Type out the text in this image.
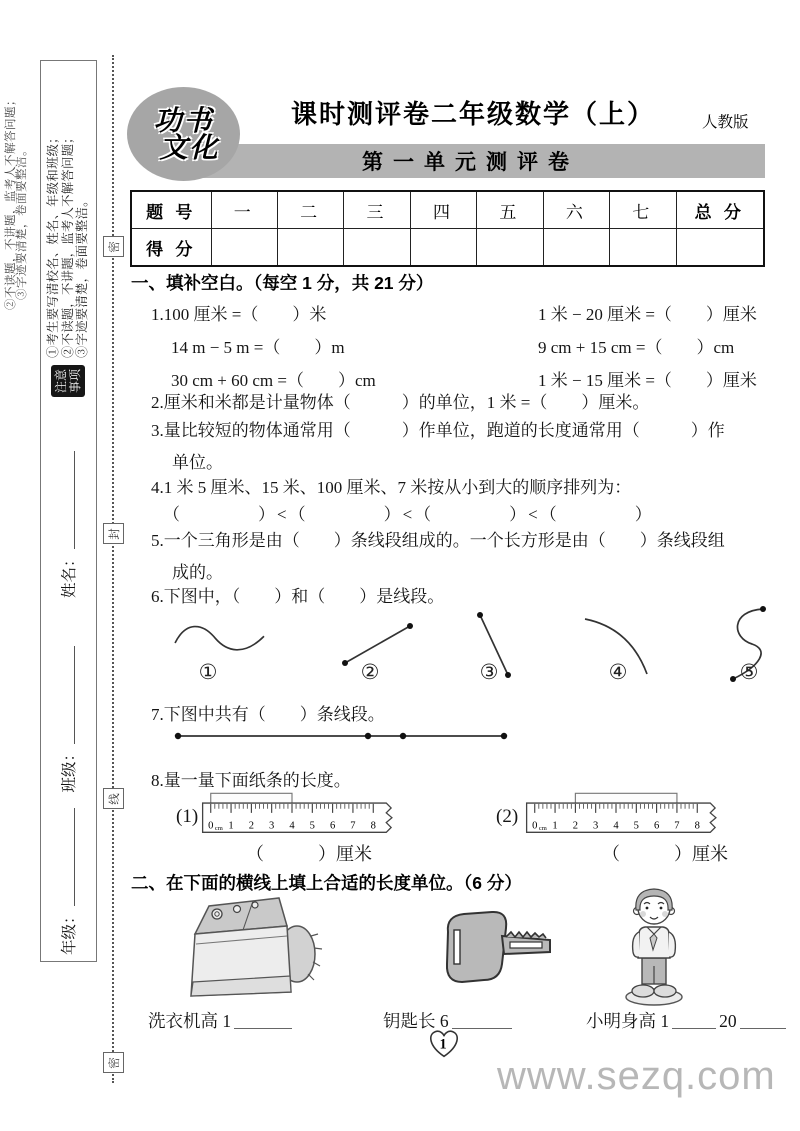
②不读题，不讲题，监考人不解答问题； ③字迹要清楚，卷面要整洁。
年级：
班级：
姓名：
注意 事项
①考生要写清校名、姓名、年级和班级； ②不读题，不讲题，监考人不解答问题； ③字迹要清楚，卷面要整洁。 密
封
线
密
第一单元测评卷
功书
文化
课时测评卷二年级数学（上）	人教版
题 号	一	二	三	四	五	六	七	总 分
得 分								
一、填补空白。（每空 1 分，共 21 分）
1.100 厘米 =（　　）米
14 m − 5 m =（　　）m
30 cm + 60 cm =（　　）cm
1 米 − 20 厘米 =（　　）厘米
9 cm + 15 cm =（　　）cm
1 米 − 15 厘米 =（　　）厘米
2.厘米和米都是计量物体（　　　）的单位，1 米 =（　　）厘米。
3.量比较短的物体通常用（　　　）作单位，跑道的长度通常用（　　　）作
单位。
4.1 米 5 厘米、15 米、100 厘米、7 米按从小到大的顺序排列为：
（　　　　）<（　　　　）<（　　　　）<（　　　　）
5.一个三角形是由（　　）条线段组成的。一个长方形是由（　　）条线段组
成的。
6.下图中，（　　）和（　　）是线段。
①	②	③	④	⑤
7.下图中共有（　　）条线段。
8.量一量下面纸条的长度。
(1)	(2)
0 cm 1 2 3 4 5 6 7 8	0 cm 1 2 3 4 5 6 7 8
（　　　）厘米	（　　　）厘米
二、在下面的横线上填上合适的长度单位。（6 分）
洗衣机高 1	钥匙长 6	小明身高 1	20
1
www.sezq.com
